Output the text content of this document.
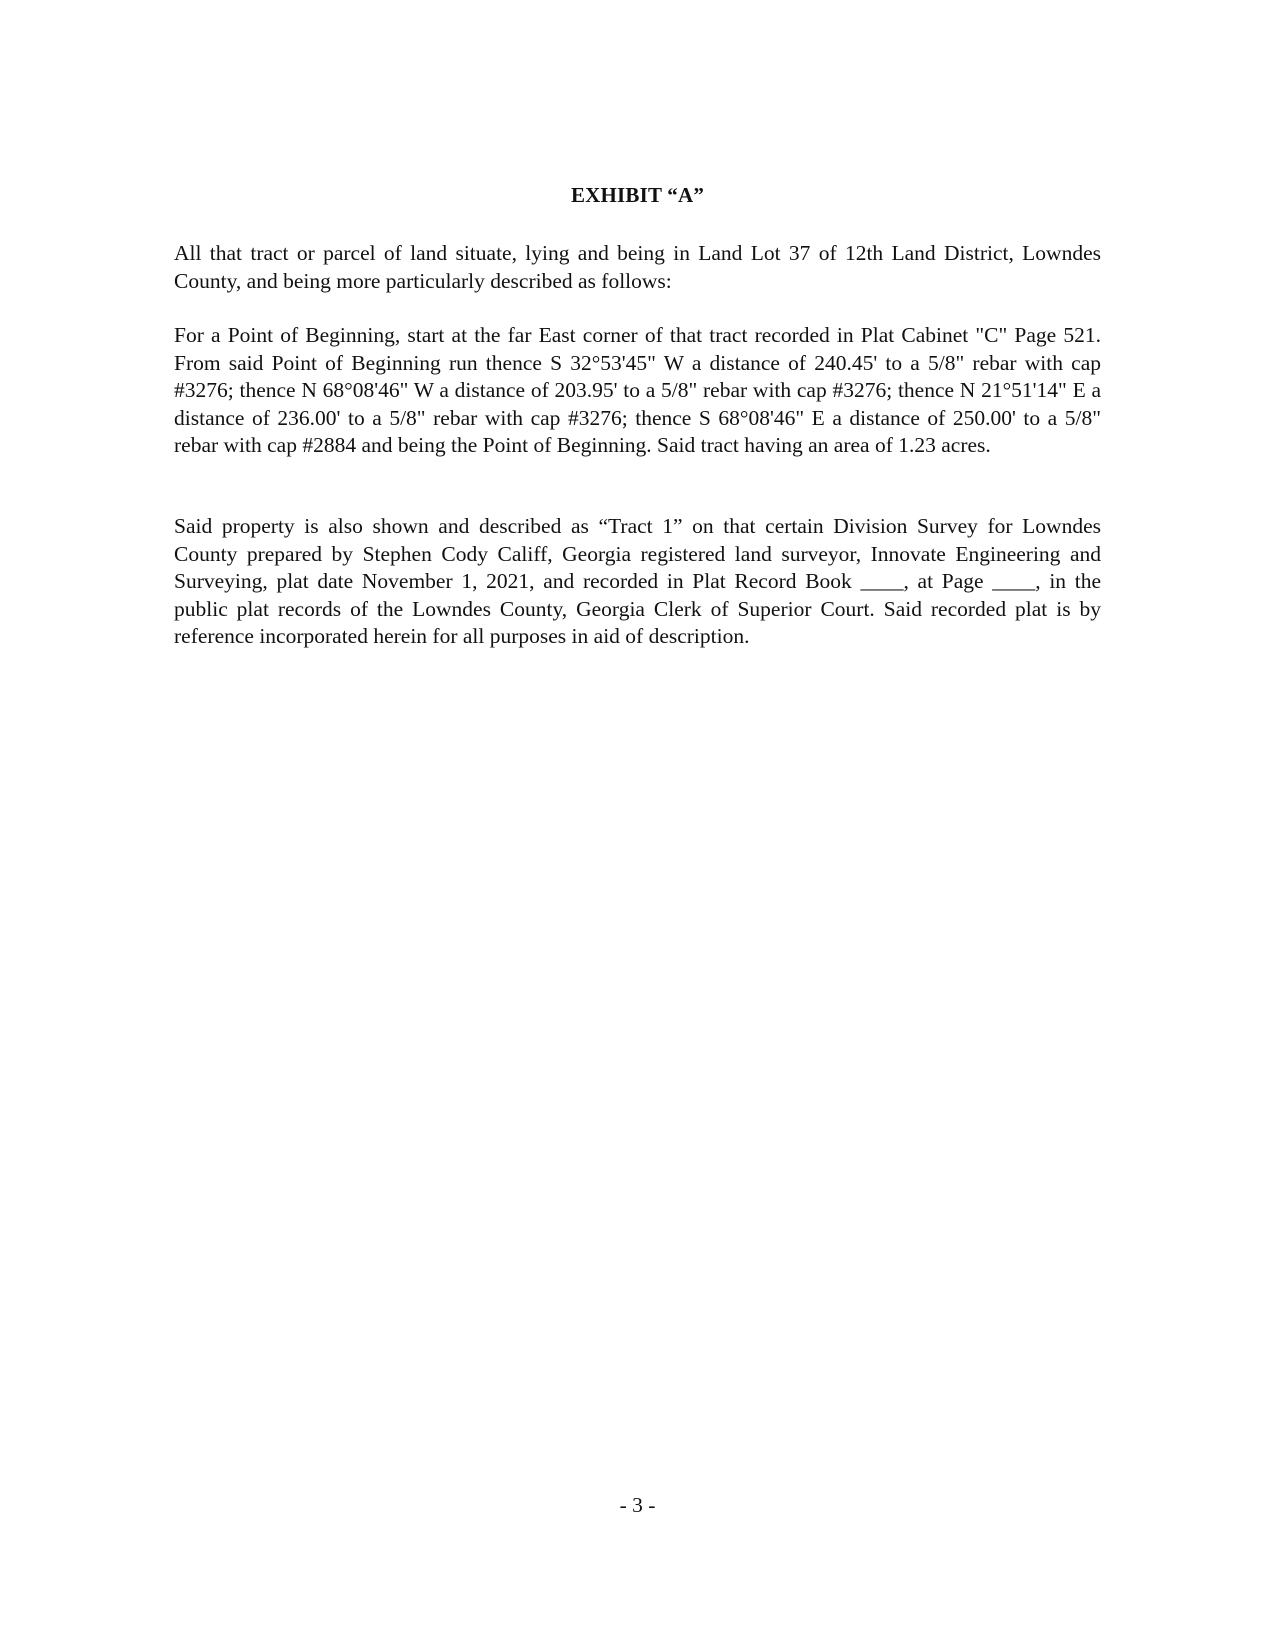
EXHIBIT “A”

All that tract or parcel of land situate, lying and being in Land Lot 37 of 12th Land District, Lowndes County, and being more particularly described as follows:

For a Point of Beginning, start at the far East corner of that tract recorded in Plat Cabinet "C" Page 521. From said Point of Beginning run thence S 32°53'45" W a distance of 240.45' to a 5/8" rebar with cap #3276; thence N 68°08'46" W a distance of 203.95' to a 5/8" rebar with cap #3276; thence N 21°51'14" E a distance of 236.00' to a 5/8" rebar with cap #3276; thence S 68°08'46" E a distance of 250.00' to a 5/8" rebar with cap #2884 and being the Point of Beginning. Said tract having an area of 1.23 acres.

Said property is also shown and described as “Tract 1” on that certain Division Survey for Lowndes County prepared by Stephen Cody Califf, Georgia registered land surveyor, Innovate Engineering and Surveying, plat date November 1, 2021, and recorded in Plat Record Book ____, at Page ____, in the public plat records of the Lowndes County, Georgia Clerk of Superior Court. Said recorded plat is by reference incorporated herein for all purposes in aid of description.

- 3 -
